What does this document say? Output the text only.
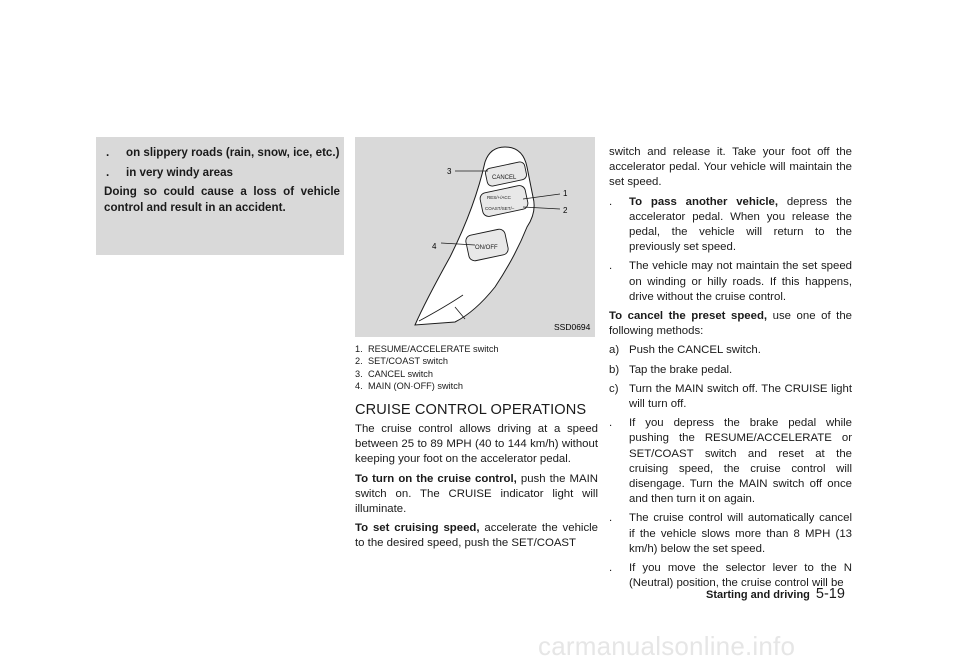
.	on slippery roads (rain, snow, ice, etc.)
.	in very windy areas
Doing so could cause a loss of vehicle control and result in an accident.
CANCEL
RES/+/ACC
COAST/SET/−
ON/OFF
3
1
2
4
SSD0694
1. RESUME/ACCELERATE switch
2. SET/COAST switch
3. CANCEL switch
4. MAIN (ON·OFF) switch
CRUISE CONTROL OPERATIONS

The cruise control allows driving at a speed between 25 to 89 MPH (40 to 144 km/h) without keeping your foot on the accelerator pedal.

To turn on the cruise control, push the MAIN switch on. The CRUISE indicator light will illuminate.

To set cruising speed, accelerate the vehicle to the desired speed, push the SET/COAST

switch and release it. Take your foot off the accelerator pedal. Your vehicle will maintain the set speed.

.	To pass another vehicle, depress the accelerator pedal. When you release the pedal, the vehicle will return to the previously set speed.
.	The vehicle may not maintain the set speed on winding or hilly roads. If this happens, drive without the cruise control.

To cancel the preset speed, use one of the following methods:

a) Push the CANCEL switch.
b) Tap the brake pedal.
c) Turn the MAIN switch off. The CRUISE light will turn off.
.	If you depress the brake pedal while pushing the RESUME/ACCELERATE or SET/COAST switch and reset at the cruising speed, the cruise control will disengage. Turn the MAIN switch off once and then turn it on again.
.	The cruise control will automatically cancel if the vehicle slows more than 8 MPH (13 km/h) below the set speed.
.	If you move the selector lever to the N (Neutral) position, the cruise control will be
Starting and driving 5-19
carmanualsonline.info
